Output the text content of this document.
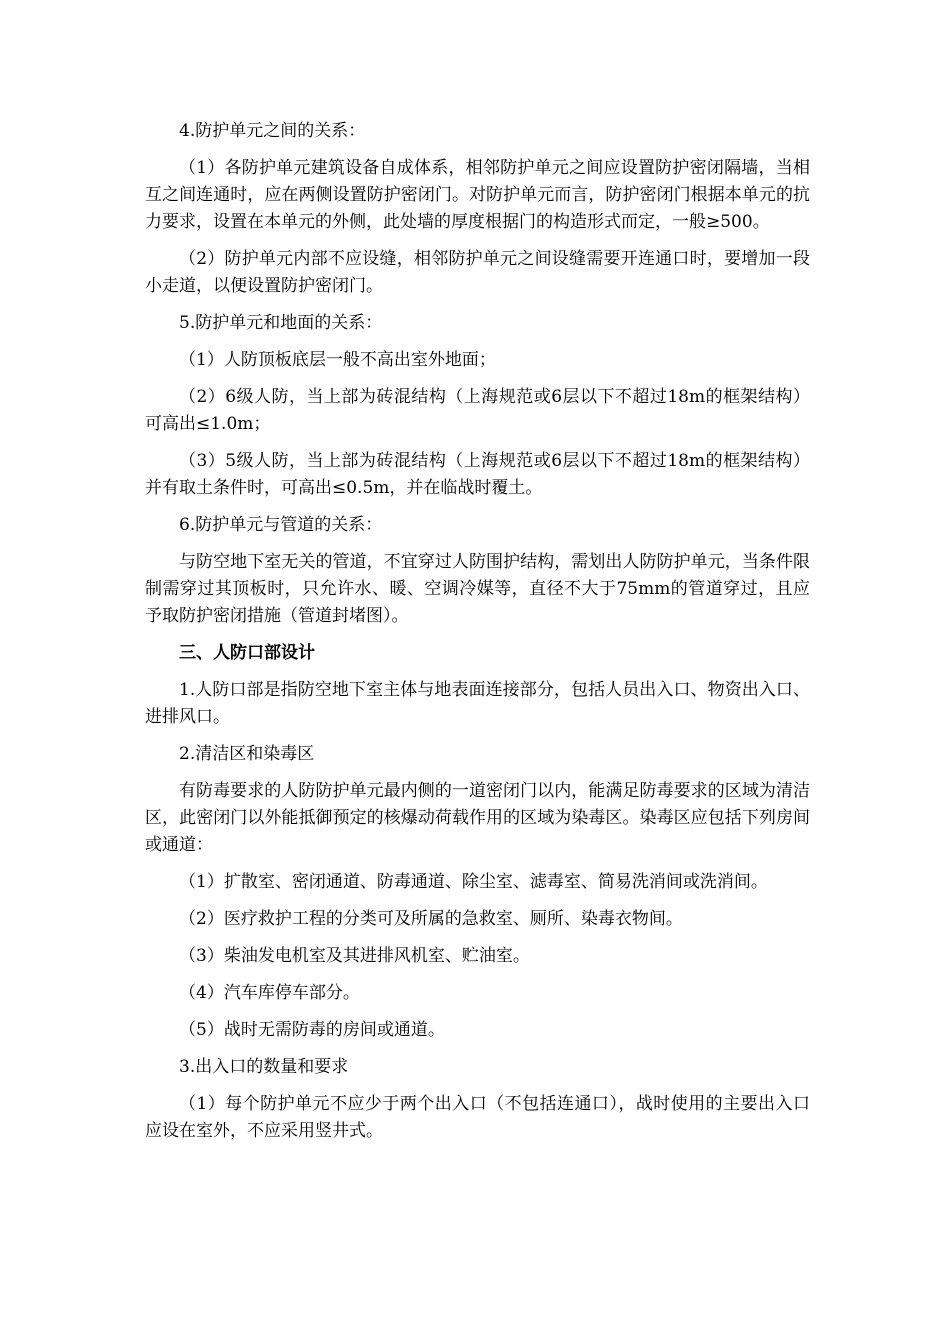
4.防护单元之间的关系：

（1）各防护单元建筑设备自成体系，相邻防护单元之间应设置防护密闭隔墙，当相互之间连通时，应在两侧设置防护密闭门。对防护单元而言，防护密闭门根据本单元的抗力要求，设置在本单元的外侧，此处墙的厚度根据门的构造形式而定，一般≥500。

（2）防护单元内部不应设缝，相邻防护单元之间设缝需要开连通口时，要增加一段小走道，以便设置防护密闭门。

5.防护单元和地面的关系：

（1）人防顶板底层一般不高出室外地面；

（2）6级人防，当上部为砖混结构（上海规范或6层以下不超过18m的框架结构）可高出≤1.0m；

（3）5级人防，当上部为砖混结构（上海规范或6层以下不超过18m的框架结构）并有取土条件时，可高出≤0.5m，并在临战时覆土。

6.防护单元与管道的关系：

与防空地下室无关的管道，不宜穿过人防围护结构，需划出人防防护单元，当条件限制需穿过其顶板时，只允许水、暖、空调冷媒等，直径不大于75mm的管道穿过，且应予取防护密闭措施（管道封堵图）。

三、人防口部设计

1.人防口部是指防空地下室主体与地表面连接部分，包括人员出入口、物资出入口、进排风口。

2.清洁区和染毒区

有防毒要求的人防防护单元最内侧的一道密闭门以内，能满足防毒要求的区域为清洁区，此密闭门以外能抵御预定的核爆动荷载作用的区域为染毒区。染毒区应包括下列房间或通道：

（1）扩散室、密闭通道、防毒通道、除尘室、滤毒室、简易洗消间或洗消间。

（2）医疗救护工程的分类可及所属的急救室、厕所、染毒衣物间。

（3）柴油发电机室及其进排风机室、贮油室。

（4）汽车库停车部分。

（5）战时无需防毒的房间或通道。

3.出入口的数量和要求

（1）每个防护单元不应少于两个出入口（不包括连通口），战时使用的主要出入口应设在室外，不应采用竖井式。
